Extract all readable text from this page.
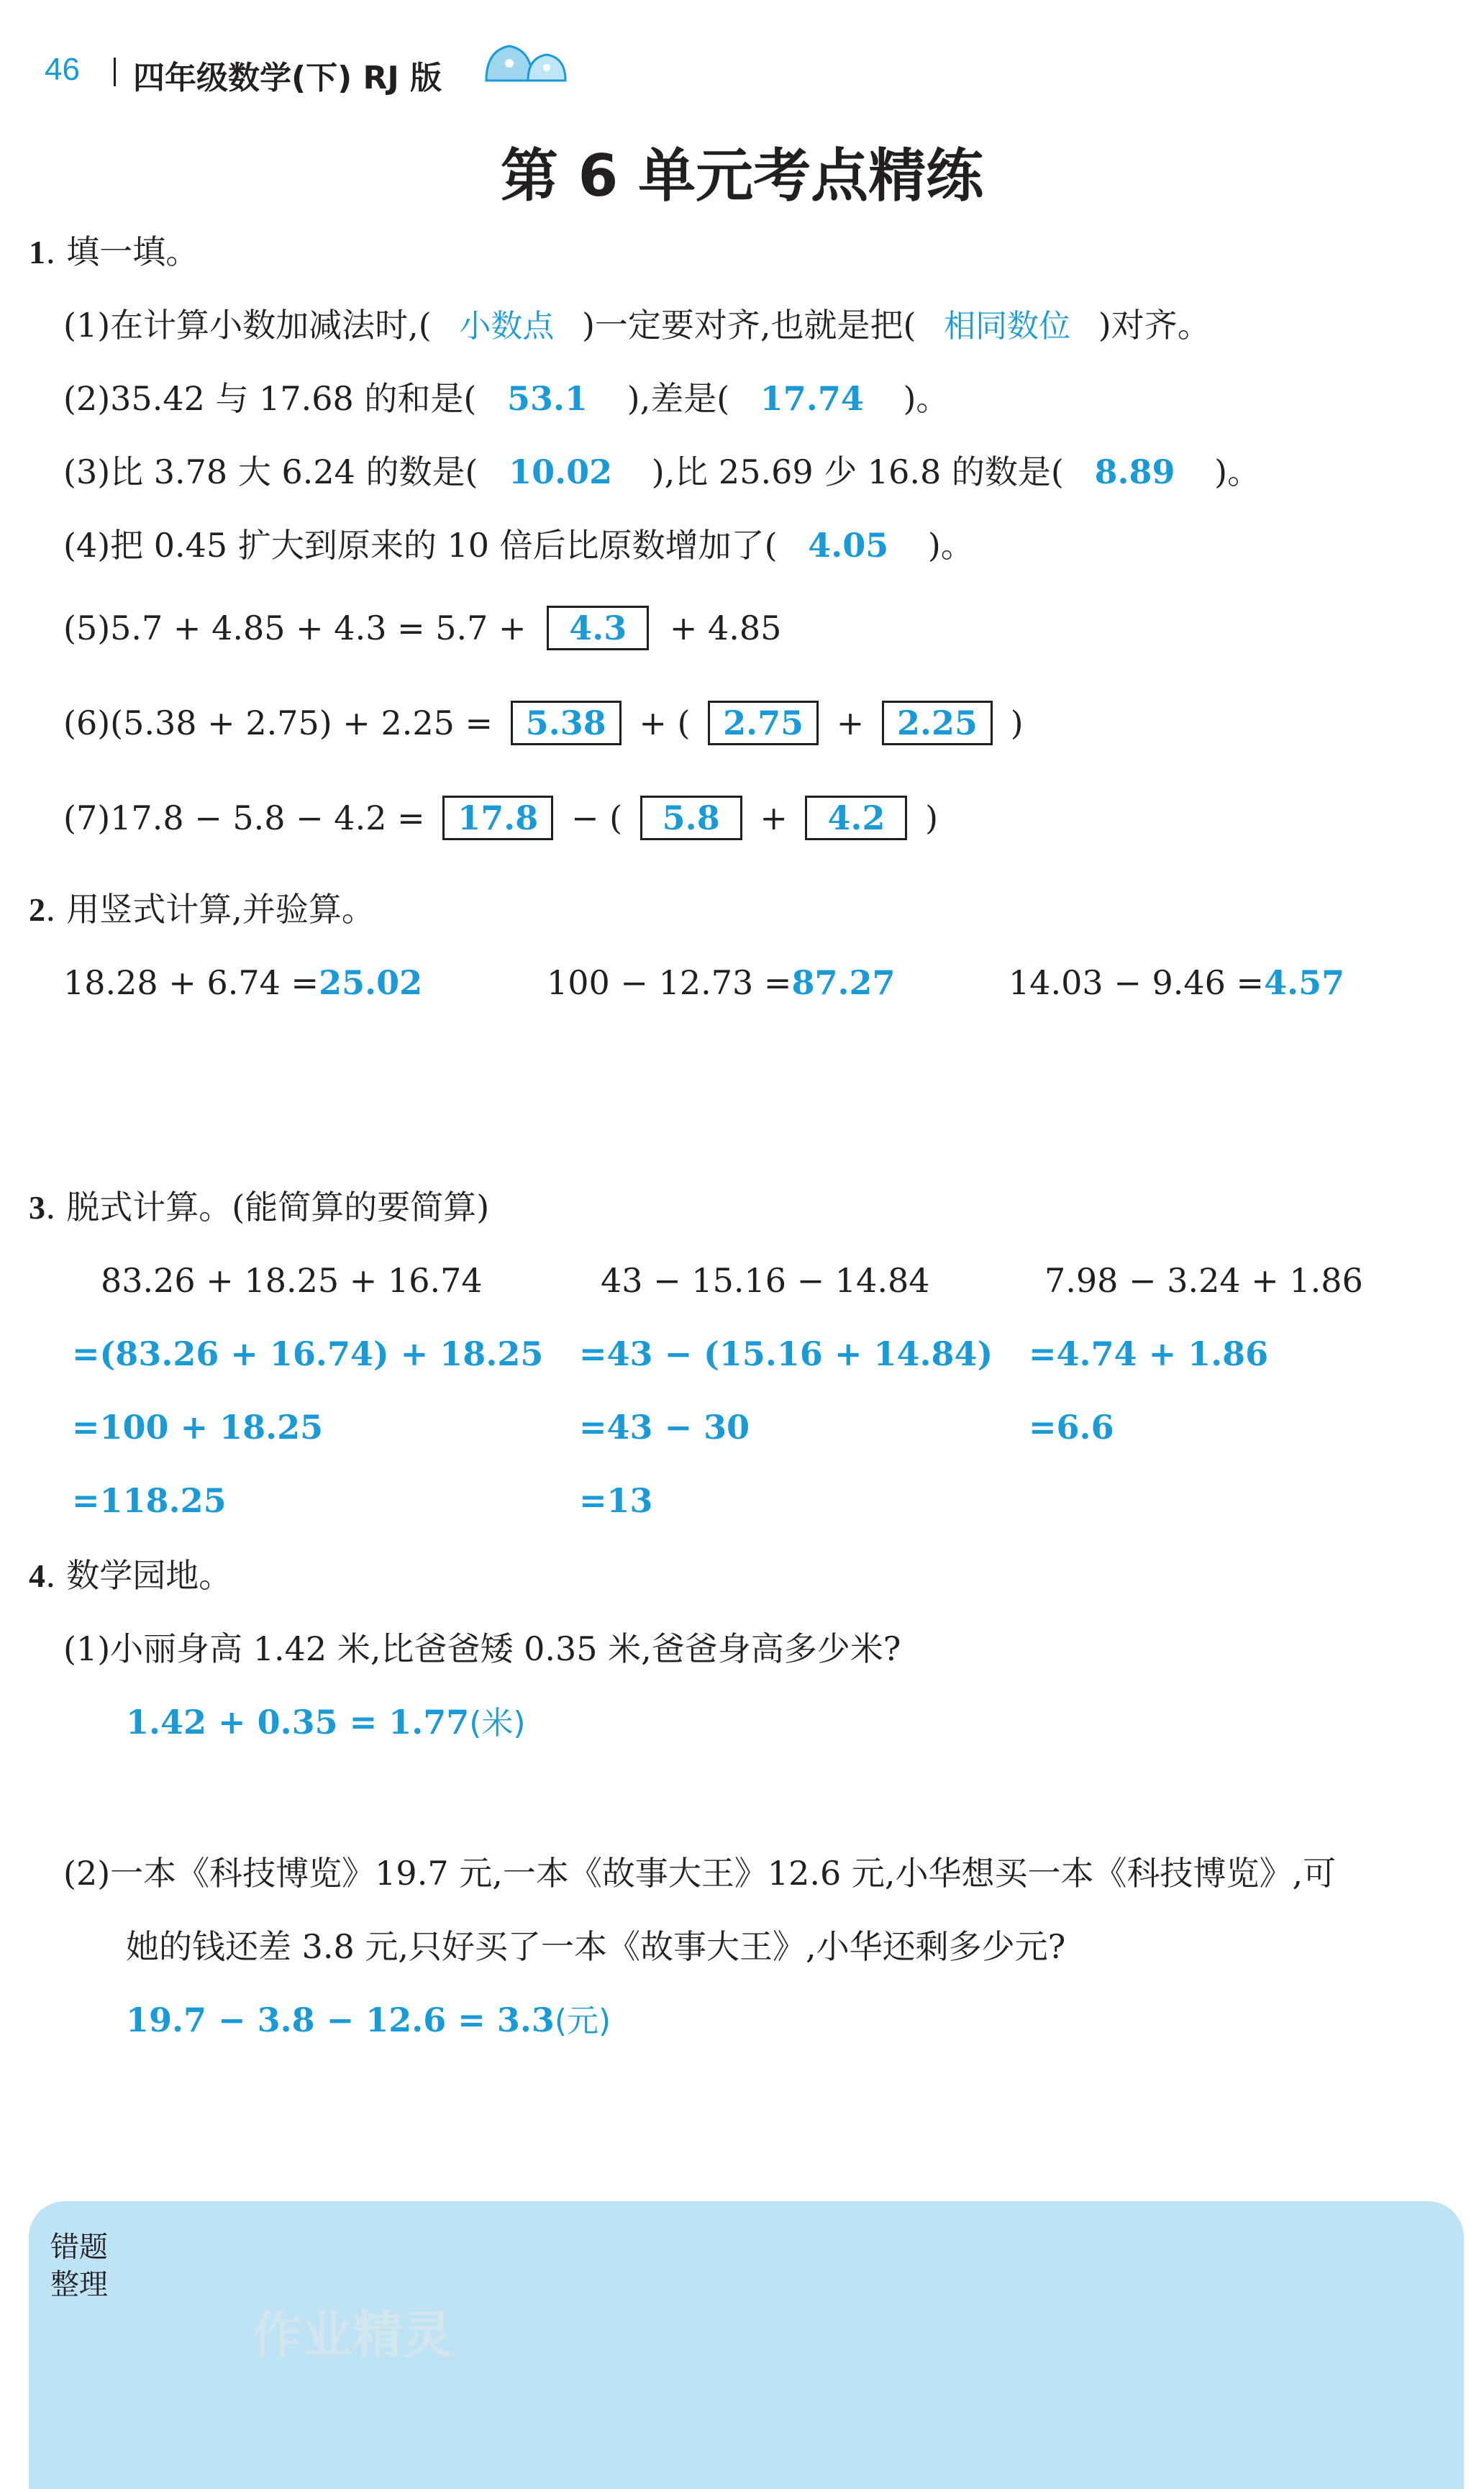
46 四年级数学(下) RJ 版
第 6 单元考点精练
1. 填一填。
(1)在计算小数加减法时,( 小数点 )一定要对齐,也就是把( 相同数位 )对齐。
(2)35.42 与 17.68 的和是( 53.1 ),差是( 17.74 )。
(3)比 3.78 大 6.24 的数是( 10.02 ),比 25.69 少 16.8 的数是( 8.89 )。
(4)把 0.45 扩大到原来的 10 倍后比原数增加了( 4.05 )。
(5)5.7 + 4.85 + 4.3 = 5.7 + 4.3 + 4.85
(6)(5.38 + 2.75) + 2.25 = 5.38 + ( 2.75 + 2.25 )
(7)17.8 − 5.8 − 4.2 = 17.8 − ( 5.8 + 4.2 )
2. 用竖式计算,并验算。
18.28 + 6.74 =25.02	100 − 12.73 =87.27	14.03 − 9.46 =4.57
3. 脱式计算。(能简算的要简算)
83.26 + 18.25 + 16.74
=(83.26 + 16.74) + 18.25
=100 + 18.25
=118.25
43 − 15.16 − 14.84
=43 − (15.16 + 14.84)
=43 − 30
=13
7.98 − 3.24 + 1.86
=4.74 + 1.86
=6.6
4. 数学园地。
(1)小丽身高 1.42 米,比爸爸矮 0.35 米,爸爸身高多少米?
1.42 + 0.35 = 1.77(米)
(2)一本《科技博览》19.7 元,一本《故事大王》12.6 元,小华想买一本《科技博览》,可
她的钱还差 3.8 元,只好买了一本《故事大王》,小华还剩多少元?
19.7 − 3.8 − 12.6 = 3.3(元)
错题
整理
作业精灵
